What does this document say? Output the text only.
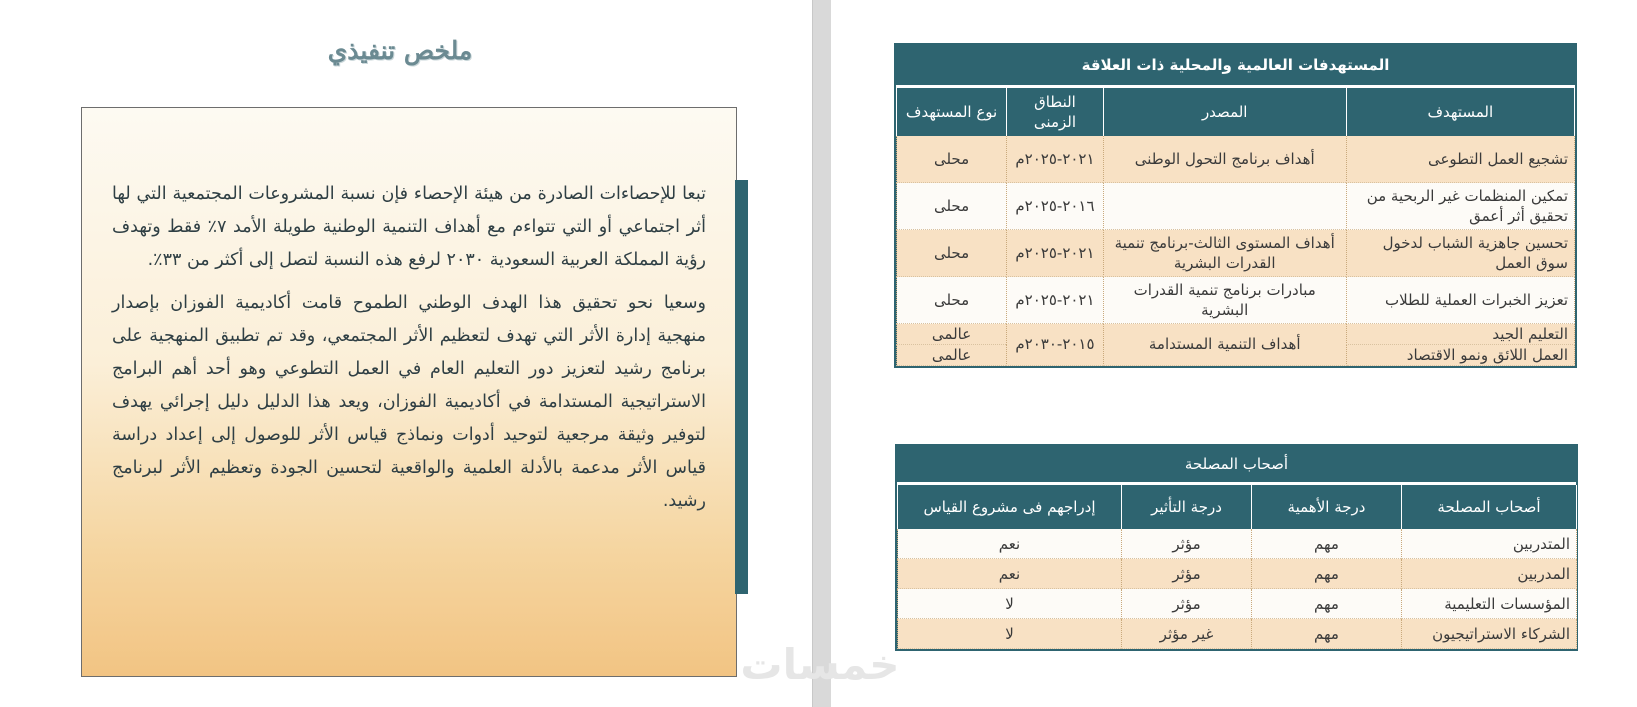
ملخص تنفيذي

تبعا للإحصاءات الصادرة من هيئة الإحصاء فإن نسبة المشروعات المجتمعية التي لها أثر اجتماعي أو التي تتواءم مع أهداف التنمية الوطنية طويلة الأمد ٧٪ فقط وتهدف رؤية المملكة العربية السعودية ٢٠٣٠ لرفع هذه النسبة لتصل إلى أكثر من ٣٣٪.

وسعيا نحو تحقيق هذا الهدف الوطني الطموح قامت أكاديمية الفوزان بإصدار منهجية إدارة الأثر التي تهدف لتعظيم الأثر المجتمعي، وقد تم تطبيق المنهجية على برنامج رشيد لتعزيز دور التعليم العام في العمل التطوعي وهو أحد أهم البرامج الاستراتيجية المستدامة في أكاديمية الفوزان، ويعد هذا الدليل دليل إجرائي يهدف لتوفير وثيقة مرجعية لتوحيد أدوات ونماذج قياس الأثر للوصول إلى إعداد دراسة قياس الأثر مدعمة بالأدلة العلمية والواقعية لتحسين الجودة وتعظيم الأثر لبرنامج رشيد.

المستهدفات العالمية والمحلية ذات العلاقة
المستهدف	المصدر	النطاق الزمنى	نوع المستهدف
تشجيع العمل التطوعى	أهداف برنامج التحول الوطنى	٢٠٢١-٢٠٢٥م	محلى
تمكين المنظمات غير الربحية من تحقيق أثر أعمق		٢٠١٦-٢٠٢٥م	محلى
تحسين جاهزية الشباب لدخول سوق العمل	أهداف المستوى الثالث-برنامج تنمية القدرات البشرية	٢٠٢١-٢٠٢٥م	محلى
تعزيز الخبرات العملية للطلاب	مبادرات برنامج تنمية القدرات البشرية	٢٠٢١-٢٠٢٥م	محلى
التعليم الجيد	أهداف التنمية المستدامة	٢٠١٥-٢٠٣٠م	عالمى
العمل اللائق ونمو الاقتصاد			عالمى
أصحاب المصلحة
أصحاب المصلحة	درجة الأهمية	درجة التأثير	إدراجهم فى مشروع القياس
المتدربين	مهم	مؤثر	نعم
المدربين	مهم	مؤثر	نعم
المؤسسات التعليمية	مهم	مؤثر	لا
الشركاء الاستراتيجيون	مهم	غير مؤثر	لا
خمسات
